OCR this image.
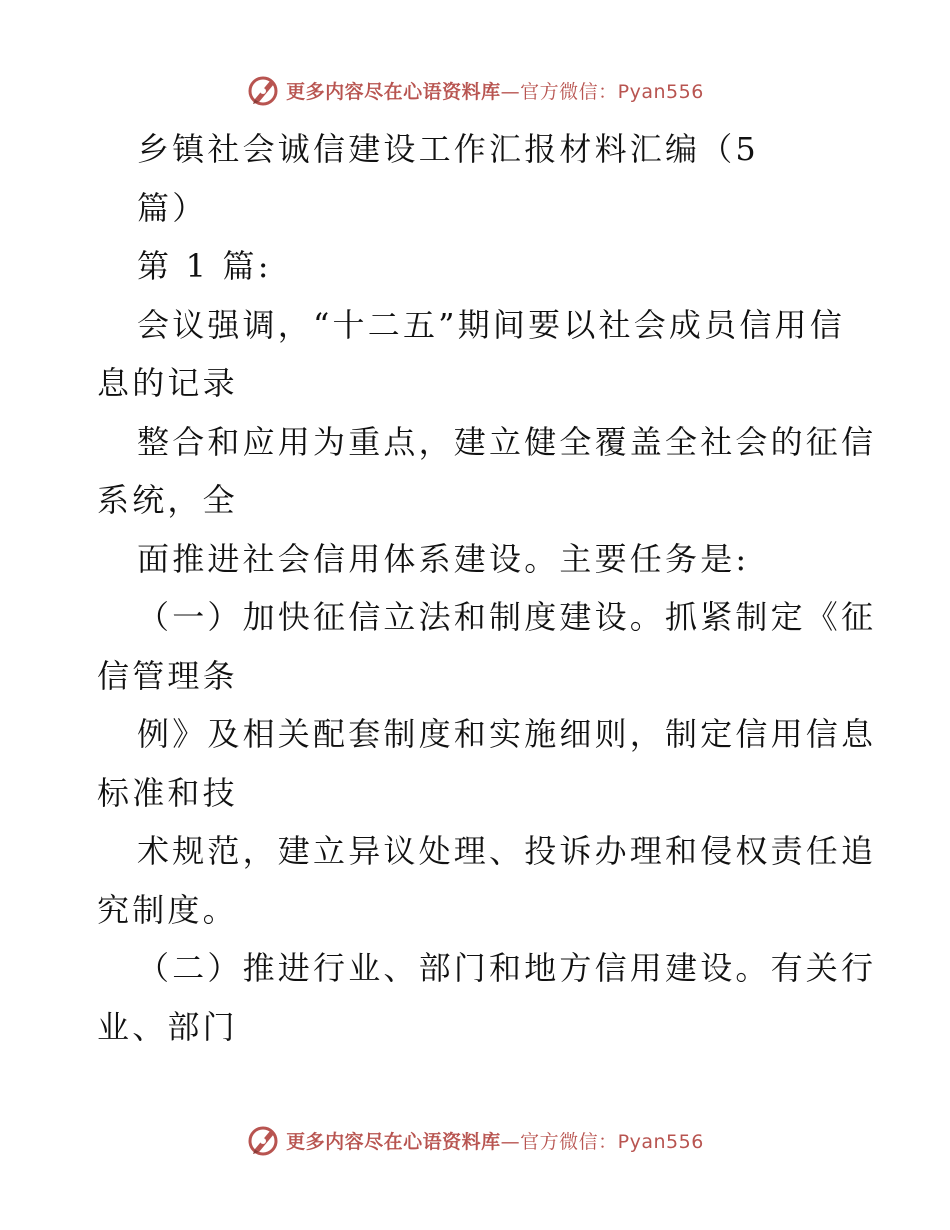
更多内容尽在心语资料库—官方微信：Pyan556
乡镇社会诚信建设工作汇报材料汇编（5
篇）
第 1 篇:
会议强调，“十二五”期间要以社会成员信用信
息的记录
整合和应用为重点，建立健全覆盖全社会的征信
系统，全
面推进社会信用体系建设。主要任务是:
（一）加快征信立法和制度建设。抓紧制定《征
信管理条
例》及相关配套制度和实施细则，制定信用信息
标准和技
术规范，建立异议处理、投诉办理和侵权责任追
究制度。
（二）推进行业、部门和地方信用建设。有关行
业、部门
更多内容尽在心语资料库—官方微信：Pyan556
